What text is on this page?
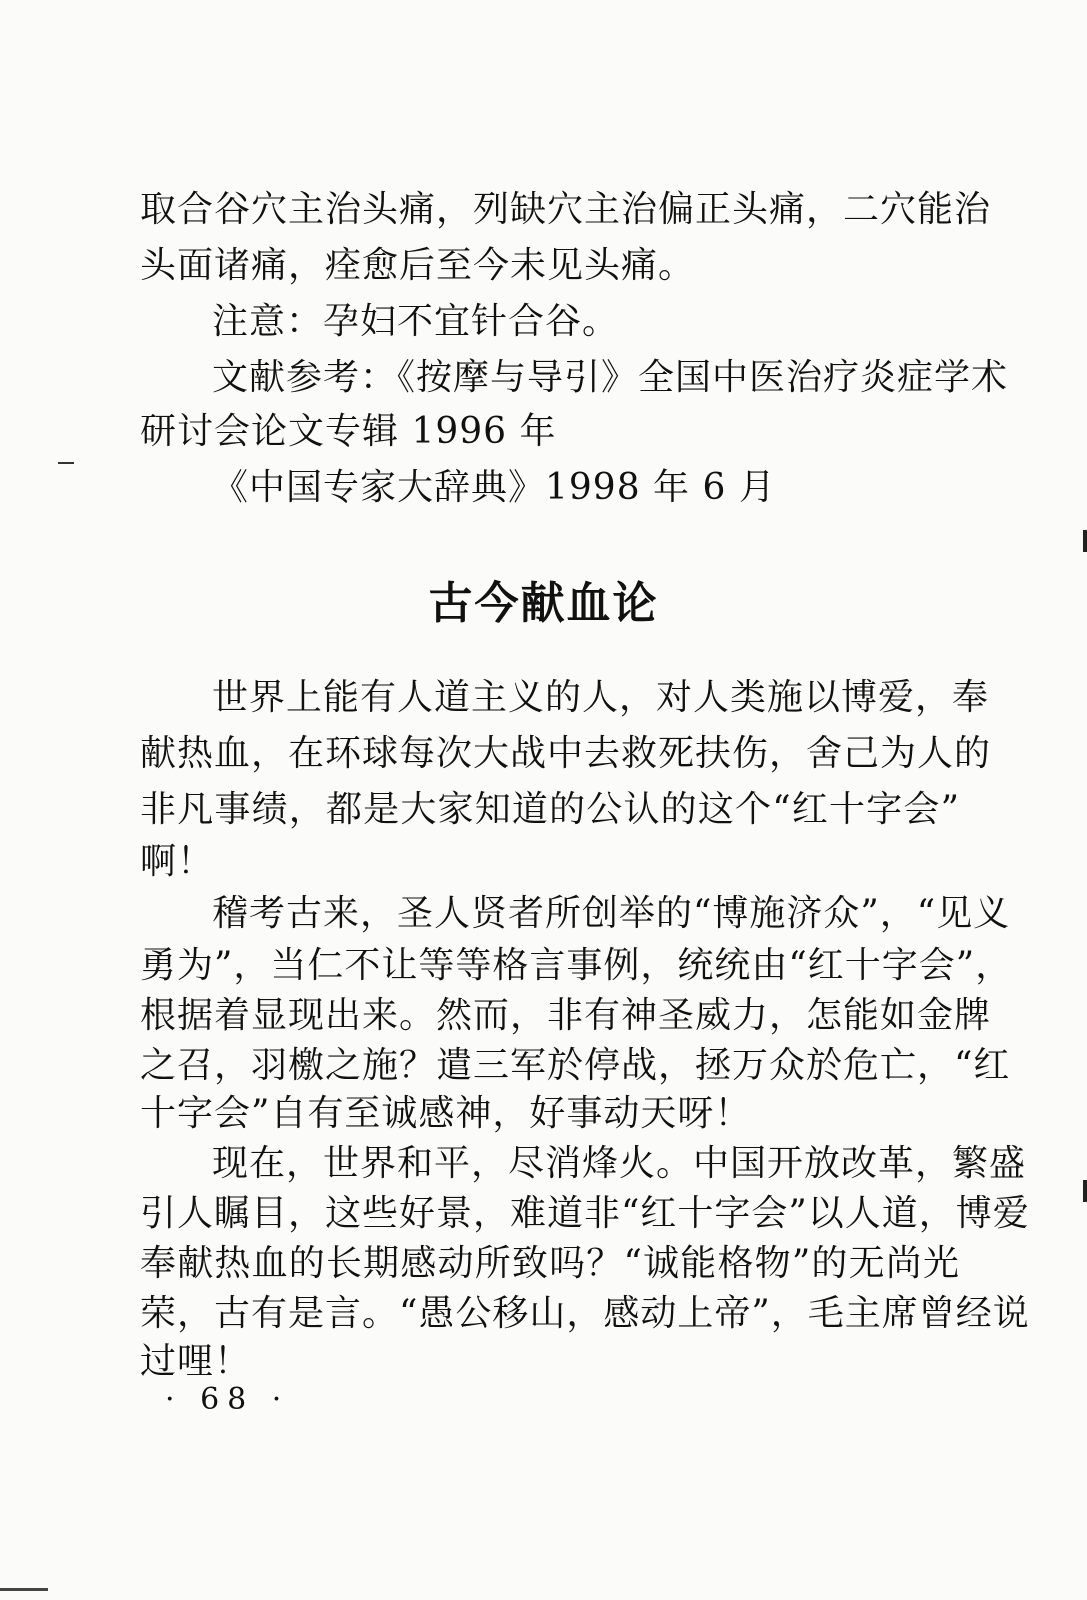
取合谷穴主治头痛，列缺穴主治偏正头痛，二穴能治
头面诸痛，痊愈后至今未见头痛。
注意：孕妇不宜针合谷。
文献参考：《按摩与导引》全国中医治疗炎症学术
研讨会论文专辑 1996 年
《中国专家大辞典》1998 年 6 月
古今献血论
世界上能有人道主义的人，对人类施以博爱，奉
献热血，在环球每次大战中去救死扶伤，舍己为人的
非凡事绩，都是大家知道的公认的这个“红十字会”
啊！
稽考古来，圣人贤者所创举的“博施济众”，“见义
勇为”，当仁不让等等格言事例，统统由“红十字会”，
根据着显现出来。然而，非有神圣威力，怎能如金牌
之召，羽檄之施？遣三军於停战，拯万众於危亡，“红
十字会”自有至诚感神，好事动天呀！
现在，世界和平，尽消烽火。中国开放改革，繁盛
引人瞩目，这些好景，难道非“红十字会”以人道，博爱
奉献热血的长期感动所致吗？“诚能格物”的无尚光
荣，古有是言。“愚公移山，感动上帝”，毛主席曾经说
过哩！
· 68 ·
